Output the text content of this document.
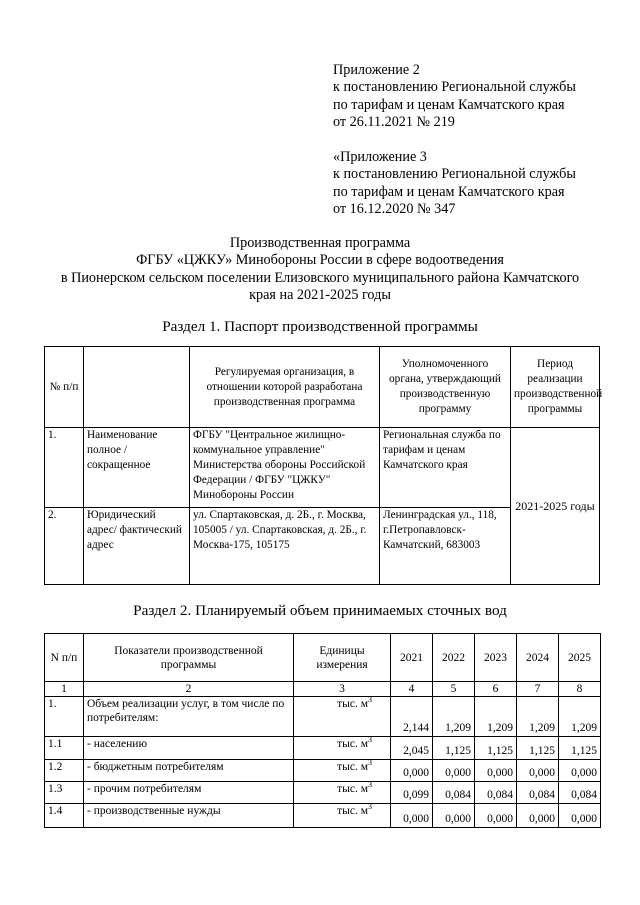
Приложение 2
к постановлению Региональной службы
по тарифам и ценам Камчатского края
от 26.11.2021 № 219
«Приложение 3
к постановлению Региональной службы
по тарифам и ценам Камчатского края
от 16.12.2020 № 347
Производственная программа
ФГБУ «ЦЖКУ» Минобороны России в сфере водоотведения
в Пионерском сельском поселении Елизовского муниципального района Камчатского
края на 2021-2025 годы
Раздел 1. Паспорт производственной программы
№ п/п		Регулируемая организация, в отношении которой разработана производственная программа	Уполномоченного органа, утверждающий производственную программу	Период реализации производственной программы
1.	Наименование полное / сокращенное	ФГБУ "Центральное жилищно-коммунальное управление" Министерства обороны Российской Федерации / ФГБУ "ЦЖКУ" Минобороны России	Региональная служба по тарифам и ценам Камчатского края	2021-2025 годы
2.	Юридический адрес/ фактический адрес	ул. Спартаковская, д. 2Б., г. Москва, 105005 / ул. Спартаковская, д. 2Б., г. Москва-175, 105175	Ленинградская ул., 118, г.Петропавловск-Камчатский, 683003	
Раздел 2. Планируемый объем принимаемых сточных вод
N п/п	Показатели производственной программы	Единицы измерения	2021	2022	2023	2024	2025
1	2	3	4	5	6	7	8
1.	Объем реализации услуг, в том числе по потребителям:	тыс. $м^3$	2,144	1,209	1,209	1,209	1,209
1.1	- населению	тыс. $м^3$	2,045	1,125	1,125	1,125	1,125
1.2	- бюджетным потребителям	тыс. $м^3$	0,000	0,000	0,000	0,000	0,000
1.3	- прочим потребителям	тыс. $м^3$	0,099	0,084	0,084	0,084	0,084
1.4	- производственные нужды	тыс. $м^3$	0,000	0,000	0,000	0,000	0,000
